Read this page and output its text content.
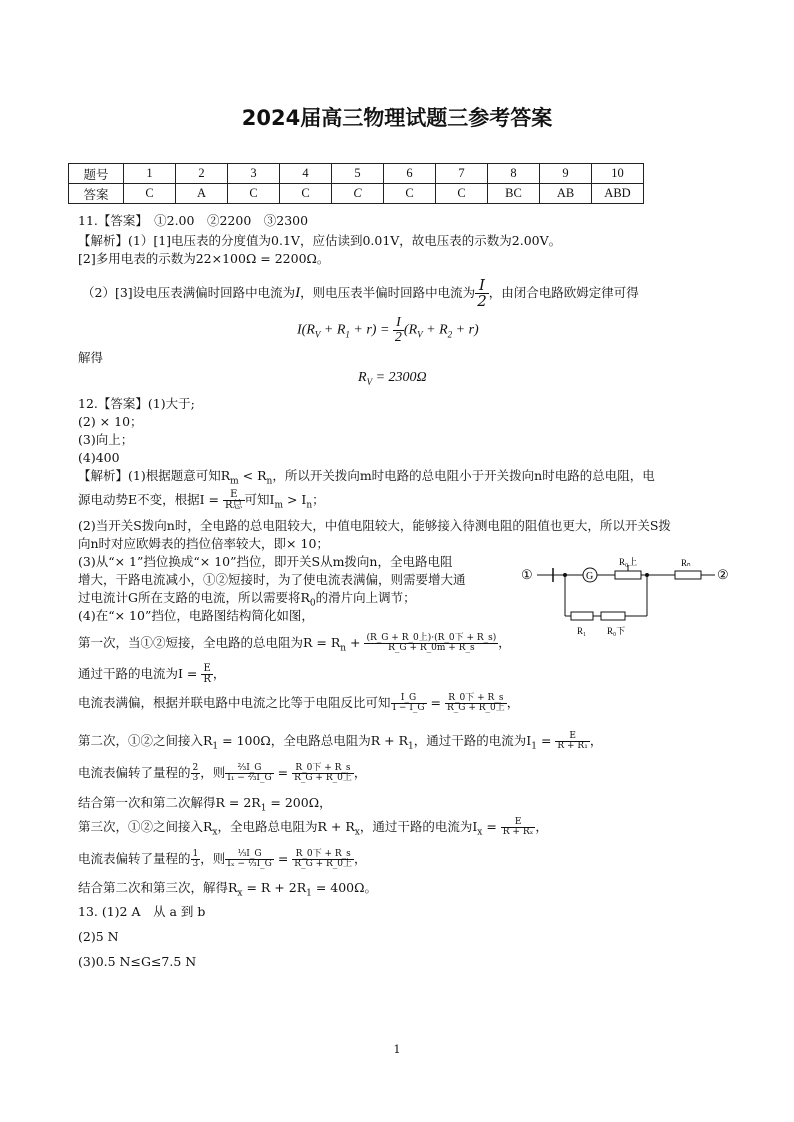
2024届高三物理试题三参考答案
题号	1	2	3	4	5	6	7	8	9	10
答案	C	A	C	C	C	C	C	BC	AB	ABD
11.【答案】　①2.00　②2200　③2300
【解析】(1）[1]电压表的分度值为0.1V，应估读到0.01V，故电压表的示数为2.00V。
[2]多用电表的示数为22×100Ω = 2200Ω。
（2）[3]设电压表满偏时回路中电流为I，则电压表半偏时回路中电流为 $\frac{I}{2}$ ，由闭合电路欧姆定律可得
$I(R_V + R_1 + r) = \frac{I}{2} (R_V + R_2 + r)$
解得
$R_V = 2300\Omega$
12.【答案】(1)大于;
(2) × 10；
(3)向上；
(4)400
【解析】(1)根据题意可知$R_m < R_n$，所以开关拨向m时电路的总电阻小于开关拨向n时电路的总电阻，电
源电动势E不变，根据$I = \frac{E}{\text{R总}}$ 可知$I_m > I_n$；
(2)当开关S拨向n时，全电路的总电阻较大，中值电阻较大，能够接入待测电阻的阻值也更大，所以开关S拨
向n时对应欧姆表的挡位倍率较大，即× 10；
(3)从“× 1”挡位换成“× 10”挡位，即开关S从m拨向n，全电路电阻
增大，干路电流减小，①②短接时，为了使电流表满偏，则需要增大通
过电流计G所在支路的电流，所以需要将$R_0$的滑片向上调节；
(4)在“× 10”挡位，电路图结构简化如图，
①	G
R₀上	Rₙ
②
R₁ R₀下
第一次，当①②短接，全电路的总电阻为$R = R_n + \frac{\text{(R\_G + R\_0上)·(R\_0下 + R\_s)}}{R\_G + R\_0m + R\_s}$ ，
通过干路的电流为$I = \frac{E}{R}$ ，
电流表满偏，根据并联电路中电流之比等于电阻反比可知 $\frac{I\_G}{I - I\_G} = \frac{\text{R\_0下 + R\_s}}{\text{R\_G + R\_0上}}$ ，
第二次，①②之间接入$R_1 = 100\Omega$，全电路总电阻为$R + R_1$，通过干路的电流为$I_1 = \frac{E}{\text{R + R₁}}$ ，
电流表偏转了量程的 $\frac{2}{3}$ ，则 $\frac{\text{⅔I\_G}}{\text{I₁ − ⅔I\_G}} = \frac{\text{R\_0下 + R\_s}}{\text{R\_G + R\_0上}}$ ，
结合第一次和第二次解得$R = 2R_1 = 200\Omega$，
第三次，①②之间接入$R_x$，全电路总电阻为$R + R_x$，通过干路的电流为$I_x = \frac{E}{\text{R + Rₓ}}$ ，
电流表偏转了量程的 $\frac{1}{3}$ ，则 $\frac{\text{⅓I\_G}}{\text{Iₓ − ⅓I\_G}} = \frac{\text{R\_0下 + R\_s}}{\text{R\_G + R\_0上}}$ ，
结合第二次和第三次，解得$R_x = R + 2R_1 = 400\Omega$。
13. (1)2 A　从 a 到 b
(2)5 N
(3)0.5 N≤G≤7.5 N
1
